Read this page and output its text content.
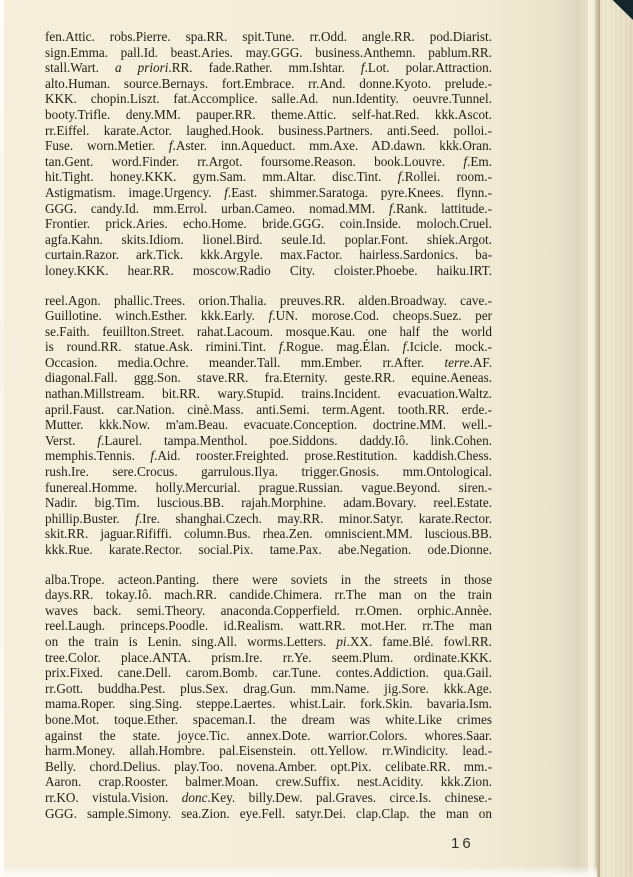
fen.Attic. robs.Pierre. spa.RR. spit.Tune. rr.Odd. angle.RR. pod.Diarist.
sign.Emma. pall.Id. beast.Aries. may.GGG. business.Anthemn. pablum.RR.
stall.Wart. a priori.RR. fade.Rather. mm.Ishtar. f.Lot. polar.Attraction.
alto.Human. source.Bernays. fort.Embrace. rr.And. donne.Kyoto. prelude.-
KKK. chopin.Liszt. fat.Accomplice. salle.Ad. nun.Identity. oeuvre.Tunnel.
booty.Trifle. deny.MM. pauper.RR. theme.Attic. self-hat.Red. kkk.Ascot.
rr.Eiffel. karate.Actor. laughed.Hook. business.Partners. anti.Seed. polloi.-
Fuse. worn.Metier. f.Aster. inn.Aqueduct. mm.Axe. AD.dawn. kkk.Oran.
tan.Gent. word.Finder. rr.Argot. foursome.Reason. book.Louvre. f.Em.
hit.Tight. honey.KKK. gym.Sam. mm.Altar. disc.Tint. f.Rollei. room.-
Astigmatism. image.Urgency. f.East. shimmer.Saratoga. pyre.Knees. flynn.-
GGG. candy.Id. mm.Errol. urban.Cameo. nomad.MM. f.Rank. lattitude.-
Frontier. prick.Aries. echo.Home. bride.GGG. coin.Inside. moloch.Cruel.
agfa.Kahn. skits.Idiom. lionel.Bird. seule.Id. poplar.Font. shiek.Argot.
curtain.Razor. ark.Tick. kkk.Argyle. max.Factor. hairless.Sardonics. ba-
loney.KKK. hear.RR. moscow.Radio City. cloister.Phoebe. haiku.IRT.
reel.Agon. phallic.Trees. orion.Thalia. preuves.RR. alden.Broadway. cave.-
Guillotine. winch.Esther. kkk.Early. f.UN. morose.Cod. cheops.Suez. per
se.Faith. feuillton.Street. rahat.Lacoum. mosque.Kau. one half the world
is round.RR. statue.Ask. rimini.Tint. f.Rogue. mag.Élan. f.Icicle. mock.-
Occasion. media.Ochre. meander.Tall. mm.Ember. rr.After. terre.AF.
diagonal.Fall. ggg.Son. stave.RR. fra.Eternity. geste.RR. equine.Aeneas.
nathan.Millstream. bit.RR. wary.Stupid. trains.Incident. evacuation.Waltz.
april.Faust. car.Nation. cinè.Mass. anti.Semi. term.Agent. tooth.RR. erde.-
Mutter. kkk.Now. m'am.Beau. evacuate.Conception. doctrine.MM. well.-
Verst. f.Laurel. tampa.Menthol. poe.Siddons. daddy.Iô. link.Cohen.
memphis.Tennis. f.Aid. rooster.Freighted. prose.Restitution. kaddish.Chess.
rush.Ire. sere.Crocus. garrulous.Ilya. trigger.Gnosis. mm.Ontological.
funereal.Homme. holly.Mercurial. prague.Russian. vague.Beyond. siren.-
Nadir. big.Tim. luscious.BB. rajah.Morphine. adam.Bovary. reel.Estate.
phillip.Buster. f.Ire. shanghai.Czech. may.RR. minor.Satyr. karate.Rector.
skit.RR. jaguar.Rififfi. column.Bus. rhea.Zen. omniscient.MM. luscious.BB.
kkk.Rue. karate.Rector. social.Pix. tame.Pax. abe.Negation. ode.Dionne.
alba.Trope. acteon.Panting. there were soviets in the streets in those
days.RR. tokay.Iô. mach.RR. candide.Chimera. rr.The man on the train
waves back. semi.Theory. anaconda.Copperfield. rr.Omen. orphic.Annèe.
reel.Laugh. princeps.Poodle. id.Realism. watt.RR. mot.Her. rr.The man
on the train is Lenin. sing.All. worms.Letters. pi.XX. fame.Blé. fowl.RR.
tree.Color. place.ANTA. prism.Ire. rr.Ye. seem.Plum. ordinate.KKK.
prix.Fixed. cane.Dell. carom.Bomb. car.Tune. contes.Addiction. qua.Gail.
rr.Gott. buddha.Pest. plus.Sex. drag.Gun. mm.Name. jig.Sore. kkk.Age.
mama.Roper. sing.Sing. steppe.Laertes. whist.Lair. fork.Skin. bavaria.Ism.
bone.Mot. toque.Ether. spaceman.I. the dream was white.Like crimes
against the state. joyce.Tic. annex.Dote. warrior.Colors. whores.Saar.
harm.Money. allah.Hombre. pal.Eisenstein. ott.Yellow. rr.Windicity. lead.-
Belly. chord.Delius. play.Too. novena.Amber. opt.Pix. celibate.RR. mm.-
Aaron. crap.Rooster. balmer.Moan. crew.Suffix. nest.Acidity. kkk.Zion.
rr.KO. vistula.Vision. donc.Key. billy.Dew. pal.Graves. circe.Is. chinese.-
GGG. sample.Simony. sea.Zion. eye.Fell. satyr.Dei. clap.Clap. the man on
16
